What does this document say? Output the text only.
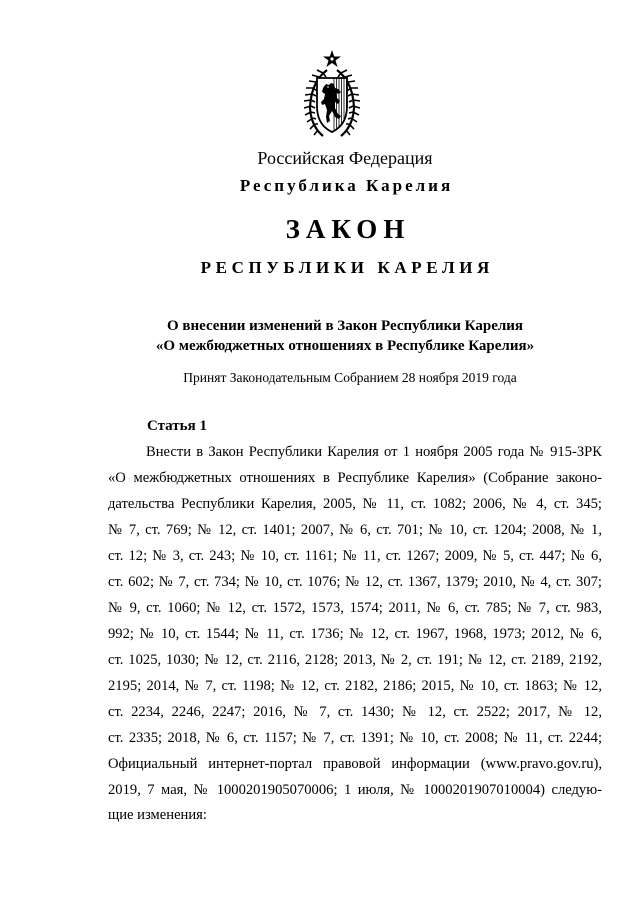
Российская Федерация
Республика Карелия
ЗАКОН
РЕСПУБЛИКИ КАРЕЛИЯ
О внесении изменений в Закон Республики Карелия
«О межбюджетных отношениях в Республике Карелия»
Принят Законодательным Собранием 28 ноября 2019 года
Статья 1
Внести в Закон Республики Карелия от 1 ноября 2005 года № 915-ЗРК
«О межбюджетных отношениях в Республике Карелия» (Собрание законо-
дательства Республики Карелия, 2005, № 11, ст. 1082; 2006, № 4, ст. 345;
№ 7, ст. 769; № 12, ст. 1401; 2007, № 6, ст. 701; № 10, ст. 1204; 2008, № 1,
ст. 12; № 3, ст. 243; № 10, ст. 1161; № 11, ст. 1267; 2009, № 5, ст. 447; № 6,
ст. 602; № 7, ст. 734; № 10, ст. 1076; № 12, ст. 1367, 1379; 2010, № 4, ст. 307;
№ 9, ст. 1060; № 12, ст. 1572, 1573, 1574; 2011, № 6, ст. 785; № 7, ст. 983,
992; № 10, ст. 1544; № 11, ст. 1736; № 12, ст. 1967, 1968, 1973; 2012, № 6,
ст. 1025, 1030; № 12, ст. 2116, 2128; 2013, № 2, ст. 191; № 12, ст. 2189, 2192,
2195; 2014, № 7, ст. 1198; № 12, ст. 2182, 2186; 2015, № 10, ст. 1863; № 12,
ст. 2234, 2246, 2247; 2016, № 7, ст. 1430; № 12, ст. 2522; 2017, № 12,
ст. 2335; 2018, № 6, ст. 1157; № 7, ст. 1391; № 10, ст. 2008; № 11, ст. 2244;
Официальный интернет-портал правовой информации (www.pravo.gov.ru),
2019, 7 мая, № 1000201905070006; 1 июля, № 1000201907010004) следую-
щие изменения:
